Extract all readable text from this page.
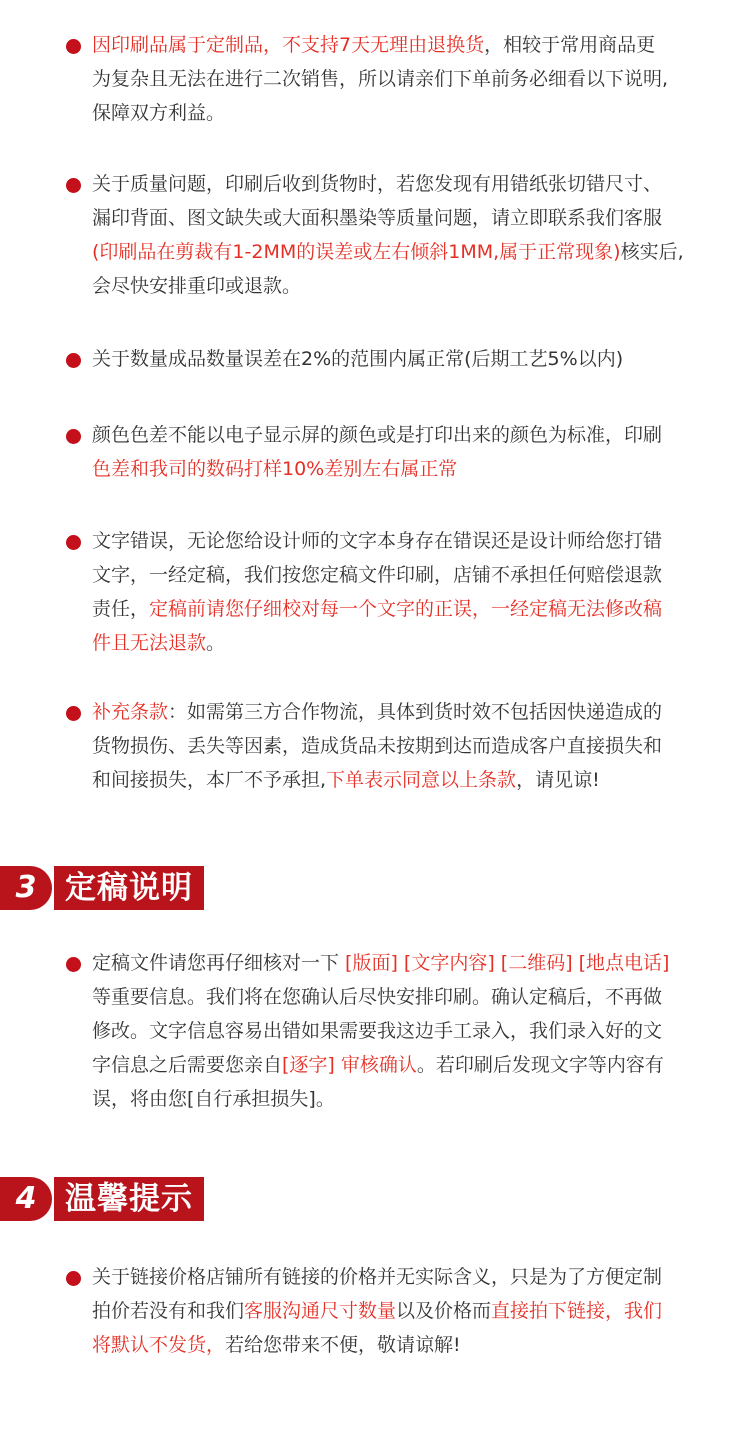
因印刷品属于定制品，不支持7天无理由退换货，相较于常用商品更
为复杂且无法在进行二次销售，所以请亲们下单前务必细看以下说明,
保障双方利益。
关于质量问题，印刷后收到货物时，若您发现有用错纸张切错尺寸、
漏印背面、图文缺失或大面积墨染等质量问题，请立即联系我们客服
(印刷品在剪裁有1-2MM的误差或左右倾斜1MM,属于正常现象)核实后,
会尽快安排重印或退款。
关于数量成品数量误差在2%的范围内属正常(后期工艺5%以内)
颜色色差不能以电子显示屏的颜色或是打印出来的颜色为标准，印刷
色差和我司的数码打样10%差别左右属正常
文字错误，无论您给设计师的文字本身存在错误还是设计师给您打错
文字，一经定稿，我们按您定稿文件印刷，店铺不承担任何赔偿退款
责任，定稿前请您仔细校对每一个文字的正误，一经定稿无法修改稿
件且无法退款。
补充条款：如需第三方合作物流，具体到货时效不包括因快递造成的
货物损伤、丢失等因素，造成货品未按期到达而造成客户直接损失和
和间接损失，本厂不予承担,下单表示同意以上条款，请见谅!
3 定稿说明
定稿文件请您再仔细核对一下 [版面] [文字内容] [二维码] [地点电话]
等重要信息。我们将在您确认后尽快安排印刷。确认定稿后，不再做
修改。文字信息容易出错如果需要我这边手工录入，我们录入好的文
字信息之后需要您亲自[逐字] 审核确认。若印刷后发现文字等内容有
误，将由您[自行承担损失]。
4 温馨提示
关于链接价格店铺所有链接的价格并无实际含义，只是为了方便定制
拍价若没有和我们客服沟通尺寸数量以及价格而直接拍下链接，我们
将默认不发货，若给您带来不便，敬请谅解!
